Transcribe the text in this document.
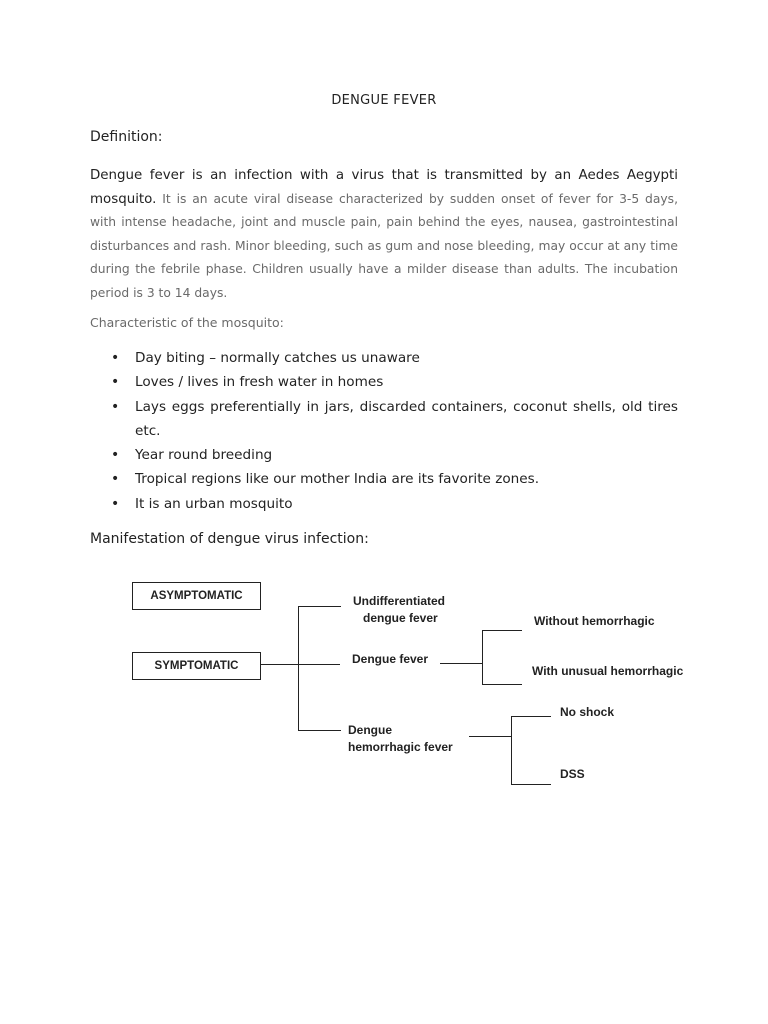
DENGUE FEVER
Definition:
Dengue fever is an infection with a virus that is transmitted by an Aedes Aegypti mosquito. It is an acute viral disease characterized by sudden onset of fever for 3-5 days, with intense headache, joint and muscle pain, pain behind the eyes, nausea, gastrointestinal disturbances and rash. Minor bleeding, such as gum and nose bleeding, may occur at any time during the febrile phase. Children usually have a milder disease than adults. The incubation period is 3 to 14 days.
Characteristic of the mosquito:
• Day biting – normally catches us unaware
• Loves / lives in fresh water in homes
• Lays eggs preferentially in jars, discarded containers, coconut shells, old tires etc.
• Year round breeding
• Tropical regions like our mother India are its favorite zones.
• It is an urban mosquito
Manifestation of dengue virus infection:
ASYMPTOMATIC
SYMPTOMATIC
Undifferentiated
dengue fever
Dengue fever
Without hemorrhagic
With unusual hemorrhagic
Dengue
hemorrhagic fever
No shock
DSS
